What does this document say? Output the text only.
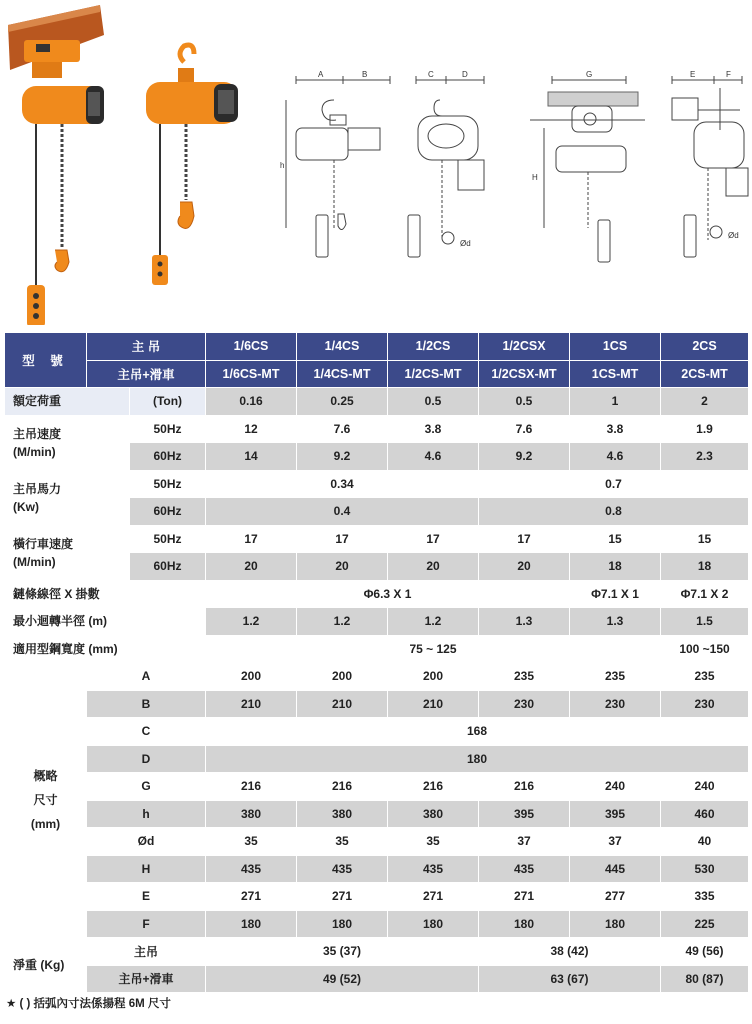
A	B
h
C	D
Ød
G
H
E	F
Ød
型 號	主 吊		1/6CS	1/4CS	1/2CS	1/2CSX	1CS	2CS
	主吊+滑車		1/6CS-MT	1/4CS-MT	1/2CS-MT	1/2CSX-MT	1CS-MT	2CS-MT
額定荷重		(Ton)	0.16	0.25	0.5	0.5	1	2

主吊速度
(M/min)		50Hz	12	7.6	3.8	7.6	3.8	1.9
		60Hz	14	9.2	4.6	9.2	4.6	2.3

主吊馬力
(Kw)		50Hz	0.34			0.7		
		60Hz	0.4			0.8		

橫行車速度
(M/min)		50Hz	17	17	17	17	15	15
		60Hz	20	20	20	20	18	18
鏈條線徑 X 掛數			Φ6.3 X 1				Φ7.1 X 1	Φ7.1 X 2
最小迴轉半徑 (m)			1.2	1.2	1.2	1.3	1.3	1.5
適用型鋼寬度 (mm)			75 ~ 125					100 ~150

概略
尺寸
(mm)	A		200	200	200	235	235	235
	B		210	210	210	230	230	230
	C		168					
	D		180					
	G		216	216	216	216	240	240
	h		380	380	380	395	395	460
	Ød		35	35	35	37	37	40
	H		435	435	435	435	445	530
	E		271	271	271	271	277	335
	F		180	180	180	180	180	225
淨重 (Kg)	主吊		35 (37)			38 (42)		49 (56)
	主吊+滑車		49 (52)			63 (67)		80 (87)
★ ( ) 括弧內寸法係揚程 6M 尺寸
